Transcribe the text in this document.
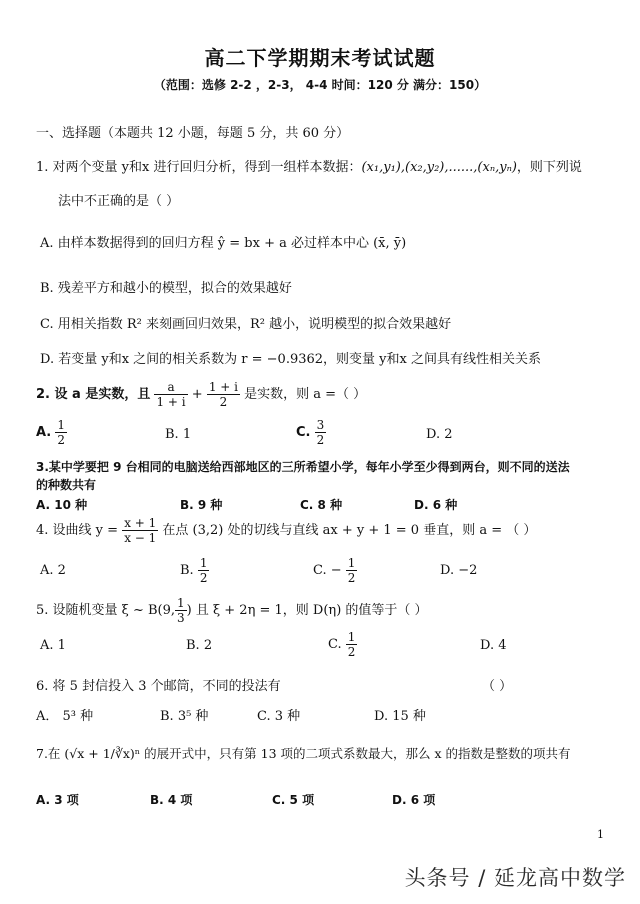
高二下学期期末考试试题
（范围：选修 2-2 ，2-3， 4-4 时间：120 分 满分：150）
一、选择题（本题共 12 小题，每题 5 分，共 60 分）
1. 对两个变量 y和x 进行回归分析，得到一组样本数据：(x₁,y₁),(x₂,y₂),......,(xₙ,yₙ)，则下列说
法中不正确的是（ ）
A. 由样本数据得到的回归方程 ŷ = bx + a 必过样本中心 (x̄, ȳ)
B. 残差平方和越小的模型，拟合的效果越好
C. 用相关指数 R² 来刻画回归效果，R² 越小，说明模型的拟合效果越好
D. 若变量 y和x 之间的相关系数为 r = −0.9362，则变量 y和x 之间具有线性相关关系
2. 设 a 是实数，且 $\frac{a}{1 + i} + \frac{1 + i}{2}$ 是实数，则 a =（ ）
A. $\frac{1}{2}$	B. 1	C. $\frac{3}{2}$	D. 2
3.某中学要把 9 台相同的电脑送给西部地区的三所希望小学，每年小学至少得到两台，则不同的送法
的种数共有
A. 10 种	B. 9 种	C. 8 种	D. 6 种
4. 设曲线 $y = \frac{x + 1}{x - 1}$ 在点 (3,2) 处的切线与直线 ax + y + 1 = 0 垂直，则 a = （ ）
A. 2	B. $\frac{1}{2}$	C. − $\frac{1}{2}$	D. −2
5. 设随机变量 ξ ~ B(9, $\frac{1}{3}$ ) 且 ξ + 2η = 1，则 D(η) 的值等于（ ）
A. 1	B. 2	C. $\frac{1}{2}$	D. 4
6. 将 5 封信投入 3 个邮筒，不同的投法有	（ ）
A． 5³ 种	B. 3⁵ 种	C. 3 种	D. 15 种
7.在 (√x + 1/∛x)ⁿ 的展开式中，只有第 13 项的二项式系数最大，那么 x 的指数是整数的项共有
A. 3 项	B. 4 项	C. 5 项	D. 6 项
1
头条号 / 延龙高中数学
